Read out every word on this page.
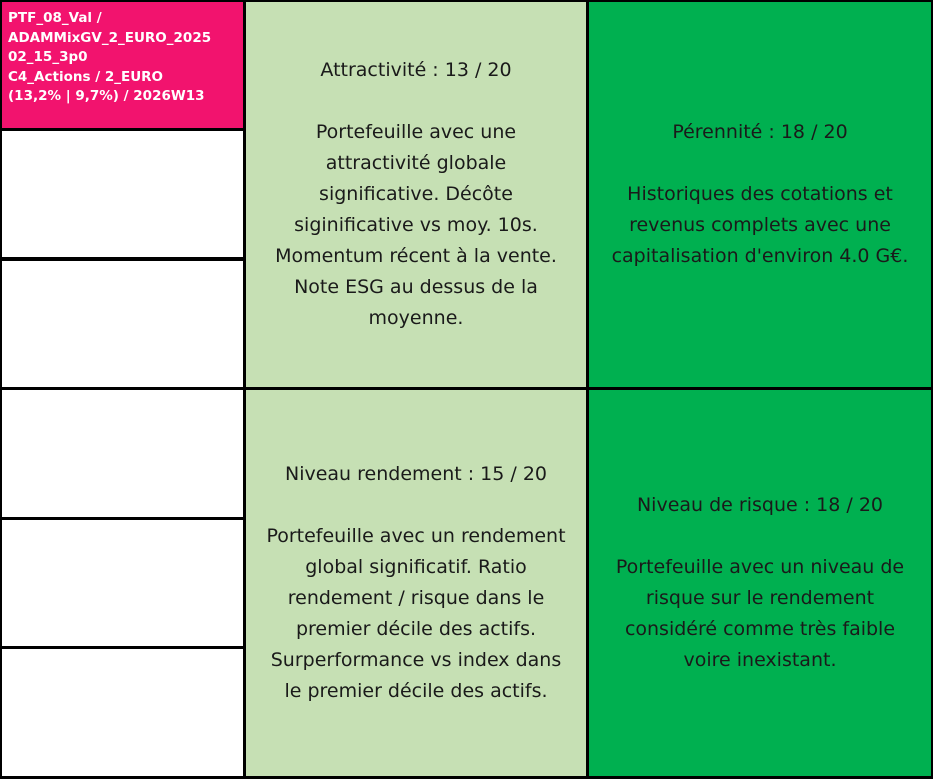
PTF_08_Val /
ADAMMixGV_2_EURO_2025
02_15_3p0
C4_Actions / 2_EURO
(13,2% | 9,7%) / 2026W13
Attractivité : 13 / 20
Portefeuille avec une
attractivité globale
significative. Décôte
siginificative vs moy. 10s.
Momentum récent à la vente.
Note ESG au dessus de la
moyenne.
Pérennité : 18 / 20
Historiques des cotations et
revenus complets avec une
capitalisation d'environ 4.0 G€.
Niveau rendement : 15 / 20
Portefeuille avec un rendement
global significatif. Ratio
rendement / risque dans le
premier décile des actifs.
Surperformance vs index dans
le premier décile des actifs.
Niveau de risque : 18 / 20
Portefeuille avec un niveau de
risque sur le rendement
considéré comme très faible
voire inexistant.
